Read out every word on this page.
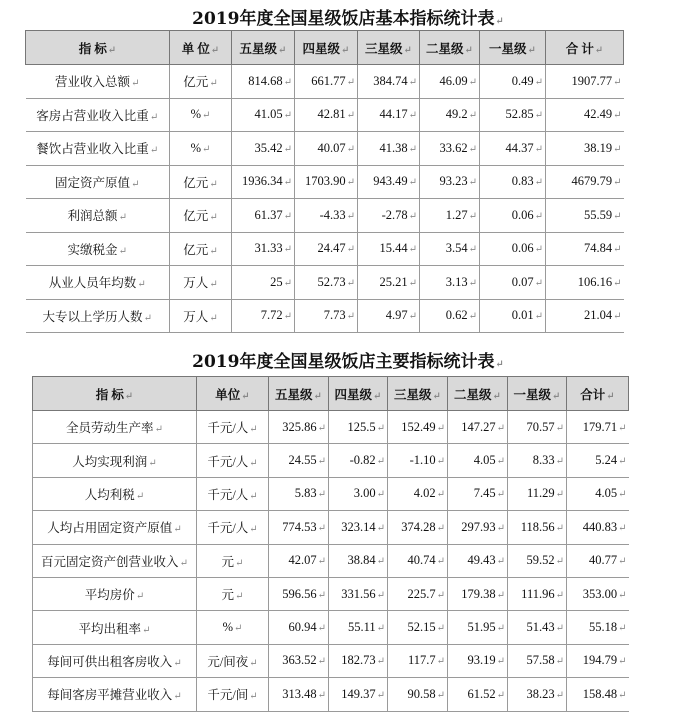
2019年度全国星级饭店基本指标统计表↵
指 标↵	单 位↵	五星级↵	四星级↵	三星级↵	二星级↵	一星级↵	合 计↵
营业收入总额↵	亿元↵	814.68↵	661.77↵	384.74↵	46.09↵	0.49↵	1907.77↵
客房占营业收入比重↵	%↵	41.05↵	42.81↵	44.17↵	49.2↵	52.85↵	42.49↵
餐饮占营业收入比重↵	%↵	35.42↵	40.07↵	41.38↵	33.62↵	44.37↵	38.19↵
固定资产原值↵	亿元↵	1936.34↵	1703.90↵	943.49↵	93.23↵	0.83↵	4679.79↵
利润总额↵	亿元↵	61.37↵	-4.33↵	-2.78↵	1.27↵	0.06↵	55.59↵
实缴税金↵	亿元↵	31.33↵	24.47↵	15.44↵	3.54↵	0.06↵	74.84↵
从业人员年均数↵	万人↵	25↵	52.73↵	25.21↵	3.13↵	0.07↵	106.16↵
大专以上学历人数↵	万人↵	7.72↵	7.73↵	4.97↵	0.62↵	0.01↵	21.04↵
2019年度全国星级饭店主要指标统计表↵
指 标↵	单位↵	五星级↵	四星级↵	三星级↵	二星级↵	一星级↵	合计↵
全员劳动生产率↵	千元/人↵	325.86↵	125.5↵	152.49↵	147.27↵	70.57↵	179.71↵
人均实现利润↵	千元/人↵	24.55↵	-0.82↵	-1.10↵	4.05↵	8.33↵	5.24↵
人均利税↵	千元/人↵	5.83↵	3.00↵	4.02↵	7.45↵	11.29↵	4.05↵
人均占用固定资产原值↵	千元/人↵	774.53↵	323.14↵	374.28↵	297.93↵	118.56↵	440.83↵
百元固定资产创营业收入↵	元↵	42.07↵	38.84↵	40.74↵	49.43↵	59.52↵	40.77↵
平均房价↵	元↵	596.56↵	331.56↵	225.7↵	179.38↵	111.96↵	353.00↵
平均出租率↵	%↵	60.94↵	55.11↵	52.15↵	51.95↵	51.43↵	55.18↵
每间可供出租客房收入↵	元/间夜↵	363.52↵	182.73↵	117.7↵	93.19↵	57.58↵	194.79↵
每间客房平摊营业收入↵	千元/间↵	313.48↵	149.37↵	90.58↵	61.52↵	38.23↵	158.48↵
